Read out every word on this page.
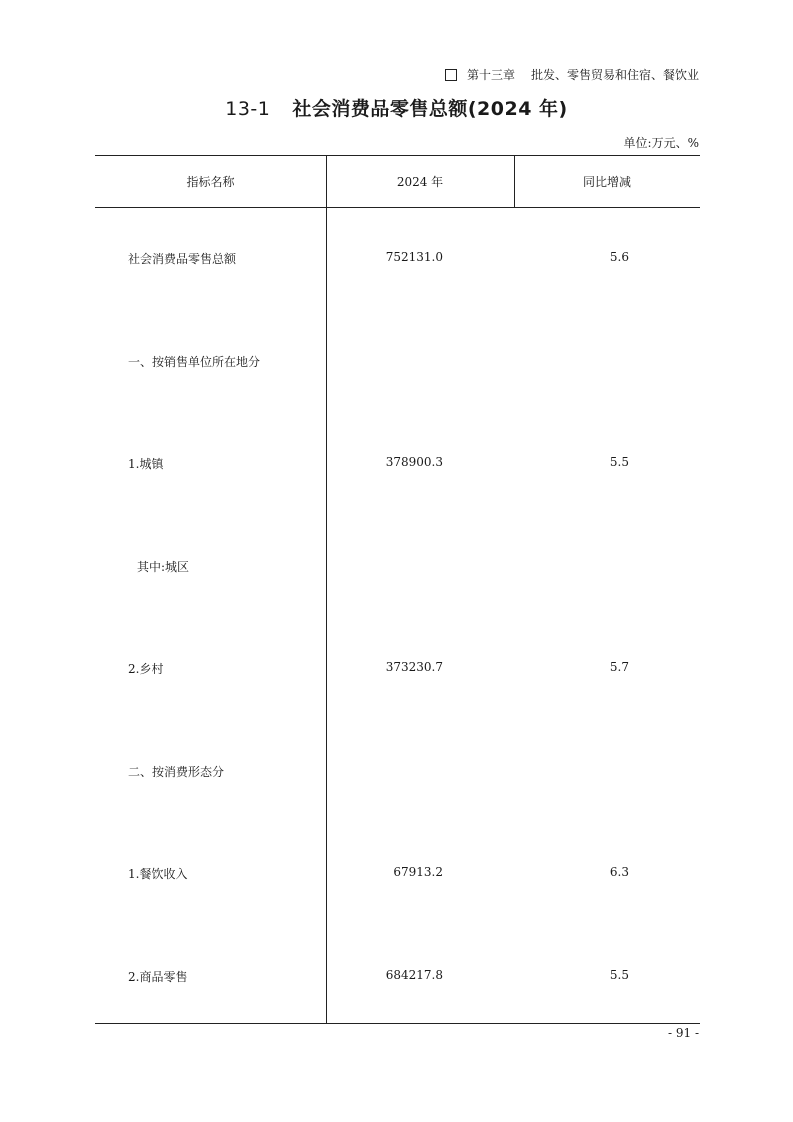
第十三章 批发、零售贸易和住宿、餐饮业
13-1 社会消费品零售总额(2024 年)
单位:万元、%
指标名称	2024 年	同比增减
社会消费品零售总额	752131.0	5.6
一、按销售单位所在地分
1.城镇	378900.3	5.5
其中:城区
2.乡村	373230.7	5.7
二、按消费形态分
1.餐饮收入	67913.2	6.3
2.商品零售	684217.8	5.5
- 91 -
